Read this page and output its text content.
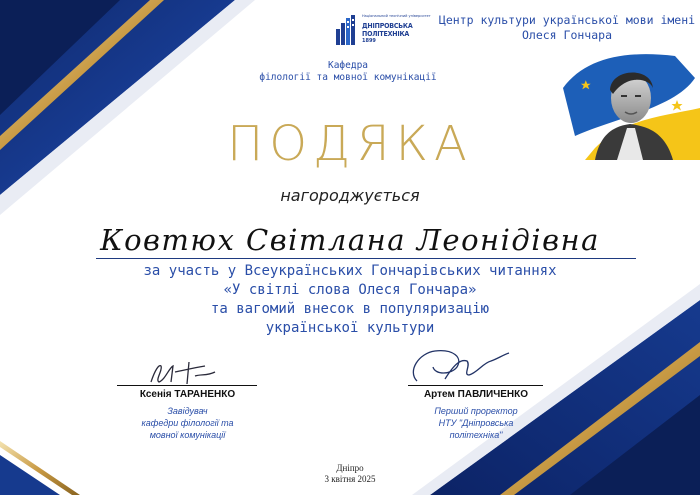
Національний технічний університет
ДНІПРОВСЬКА ПОЛІТЕХНІКА
1899
Центр культури української мови імені Олеся Гончара
Кафедра
філології та мовної комунікації
ПОДЯКА
нагороджується
Ковтюх Світлана Леонідівна
за участь у Всеукраїнських Гончарівських читаннях
«У світлі слова Олеся Гончара»
та вагомий внесок в популяризацію
української культури
Ксенія ТАРАНЕНКО
Завідувач
кафедри філології та
мовної комунікації
Артем ПАВЛИЧЕНКО
Перший проректор
НТУ "Дніпровська
політехніка"
Дніпро
3 квітня 2025
